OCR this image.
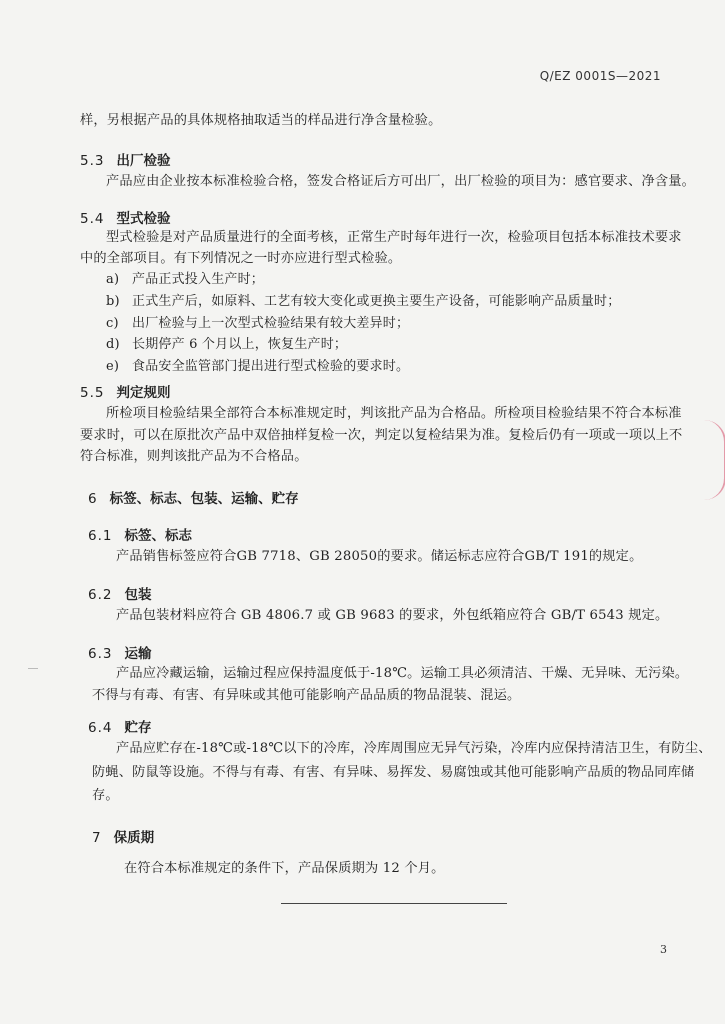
Q/EZ 0001S—2021
样，另根据产品的具体规格抽取适当的样品进行净含量检验。
5.3 出厂检验
产品应由企业按本标准检验合格，签发合格证后方可出厂，出厂检验的项目为：感官要求、净含量。
5.4 型式检验
型式检验是对产品质量进行的全面考核，正常生产时每年进行一次，检验项目包括本标准技术要求
中的全部项目。有下列情况之一时亦应进行型式检验。
a) 产品正式投入生产时；
b) 正式生产后，如原料、工艺有较大变化或更换主要生产设备，可能影响产品质量时；
c) 出厂检验与上一次型式检验结果有较大差异时；
d) 长期停产 6 个月以上，恢复生产时；
e) 食品安全监管部门提出进行型式检验的要求时。
5.5 判定规则
所检项目检验结果全部符合本标准规定时，判该批产品为合格品。所检项目检验结果不符合本标准
要求时，可以在原批次产品中双倍抽样复检一次，判定以复检结果为准。复检后仍有一项或一项以上不
符合标准，则判该批产品为不合格品。
6 标签、标志、包装、运输、贮存
6.1 标签、标志
产品销售标签应符合GB 7718、GB 28050的要求。储运标志应符合GB/T 191的规定。
6.2 包装
产品包装材料应符合 GB 4806.7 或 GB 9683 的要求，外包纸箱应符合 GB/T 6543 规定。
6.3 运输
产品应冷藏运输，运输过程应保持温度低于-18℃。运输工具必须清洁、干燥、无异味、无污染。
不得与有毒、有害、有异味或其他可能影响产品品质的物品混装、混运。
6.4 贮存
产品应贮存在-18℃或-18℃以下的冷库，冷库周围应无异气污染，冷库内应保持清洁卫生，有防尘、
防蝇、防鼠等设施。不得与有毒、有害、有异味、易挥发、易腐蚀或其他可能影响产品质的物品同库储
存。
7 保质期
在符合本标准规定的条件下，产品保质期为 12 个月。
3
